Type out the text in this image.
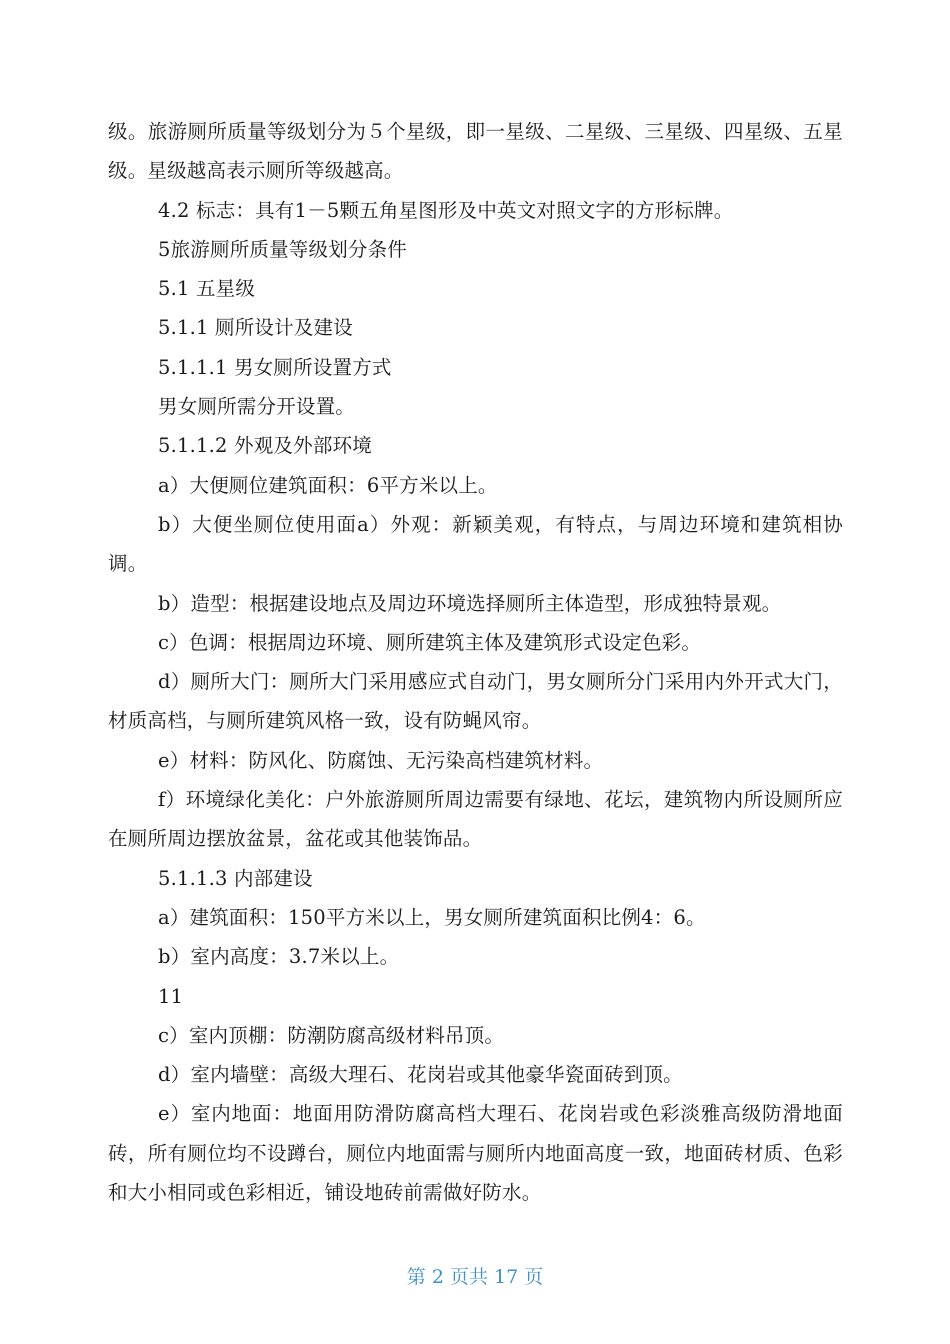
级。旅游厕所质量等级划分为５个星级，即一星级、二星级、三星级、四星级、五星级。星级越高表示厕所等级越高。

4.2 标志：具有1－5颗五角星图形及中英文对照文字的方形标牌。

5旅游厕所质量等级划分条件

5.1 五星级

5.1.1 厕所设计及建设

5.1.1.1 男女厕所设置方式

男女厕所需分开设置。

5.1.1.2 外观及外部环境

a）大便厕位建筑面积：6平方米以上。

b）大便坐厕位使用面a）外观：新颖美观，有特点，与周边环境和建筑相协调。

b）造型：根据建设地点及周边环境选择厕所主体造型，形成独特景观。

c）色调：根据周边环境、厕所建筑主体及建筑形式设定色彩。

d）厕所大门：厕所大门采用感应式自动门，男女厕所分门采用内外开式大门，材质高档，与厕所建筑风格一致，设有防蝇风帘。

e）材料：防风化、防腐蚀、无污染高档建筑材料。

f）环境绿化美化：户外旅游厕所周边需要有绿地、花坛，建筑物内所设厕所应在厕所周边摆放盆景，盆花或其他装饰品。

5.1.1.3 内部建设

a）建筑面积：150平方米以上，男女厕所建筑面积比例4：6。

b）室内高度：3.7米以上。

11

c）室内顶棚：防潮防腐高级材料吊顶。

d）室内墙壁：高级大理石、花岗岩或其他豪华瓷面砖到顶。

e）室内地面：地面用防滑防腐高档大理石、花岗岩或色彩淡雅高级防滑地面砖，所有厕位均不设蹲台，厕位内地面需与厕所内地面高度一致，地面砖材质、色彩和大小相同或色彩相近，铺设地砖前需做好防水。

第 2 页共 17 页
